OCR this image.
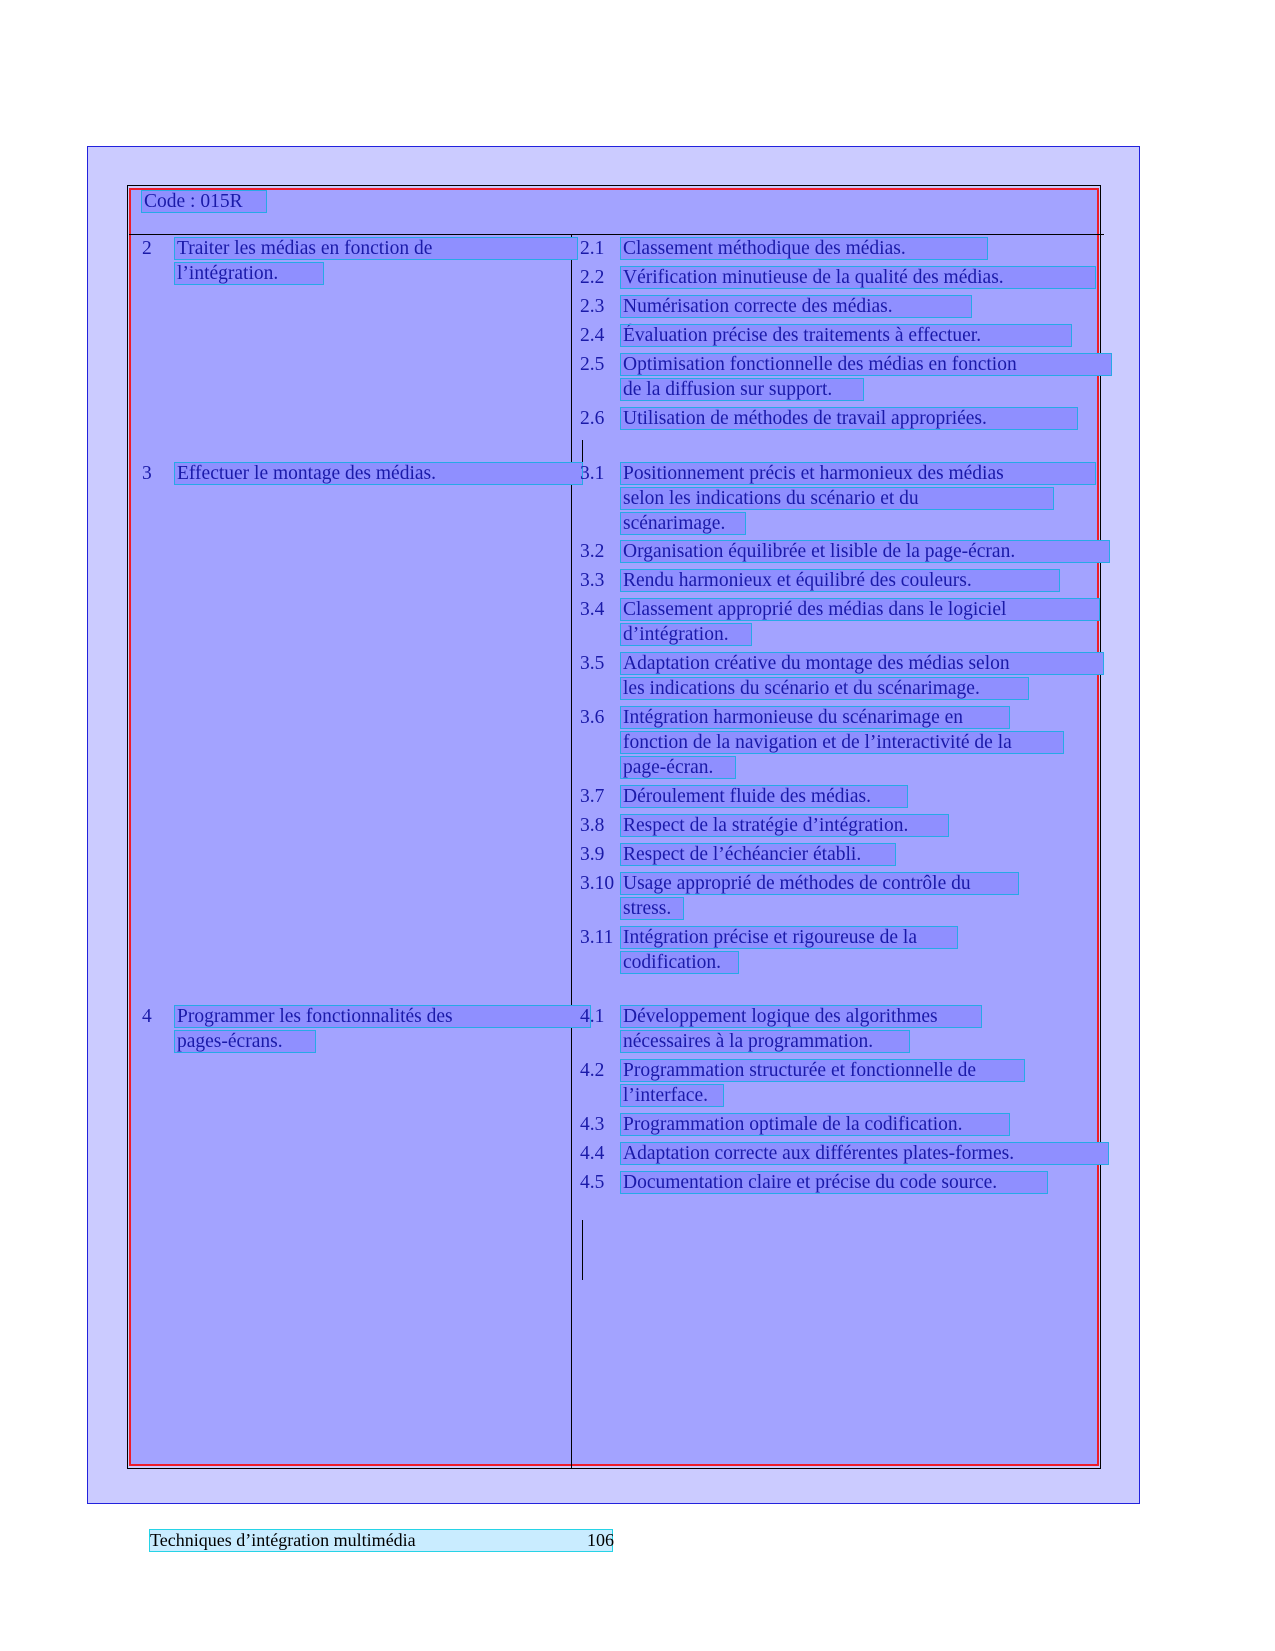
Code : 015R
2 Traiter les médias en fonction de
l’intégration.
2.1 Classement méthodique des médias.
2.2 Vérification minutieuse de la qualité des médias.
2.3 Numérisation correcte des médias.
2.4 Évaluation précise des traitements à effectuer.
2.5 Optimisation fonctionnelle des médias en fonction
de la diffusion sur support.
2.6 Utilisation de méthodes de travail appropriées.
3 Effectuer le montage des médias.	3.1 Positionnement précis et harmonieux des médias
selon les indications du scénario et du
scénarimage.
3.2 Organisation équilibrée et lisible de la page-écran.
3.3 Rendu harmonieux et équilibré des couleurs.
3.4 Classement approprié des médias dans le logiciel
d’intégration.
3.5 Adaptation créative du montage des médias selon
les indications du scénario et du scénarimage.
3.6 Intégration harmonieuse du scénarimage en
fonction de la navigation et de l’interactivité de la
page-écran.
3.7 Déroulement fluide des médias.
3.8 Respect de la stratégie d’intégration.
3.9 Respect de l’échéancier établi.
3.10 Usage approprié de méthodes de contrôle du
stress.
3.11 Intégration précise et rigoureuse de la
codification.
4 Programmer les fonctionnalités des
pages-écrans.
4.1 Développement logique des algorithmes
nécessaires à la programmation.
4.2 Programmation structurée et fonctionnelle de
l’interface.
4.3 Programmation optimale de la codification.
4.4 Adaptation correcte aux différentes plates-formes.
4.5 Documentation claire et précise du code source.
Techniques d’intégration multimédia	106
